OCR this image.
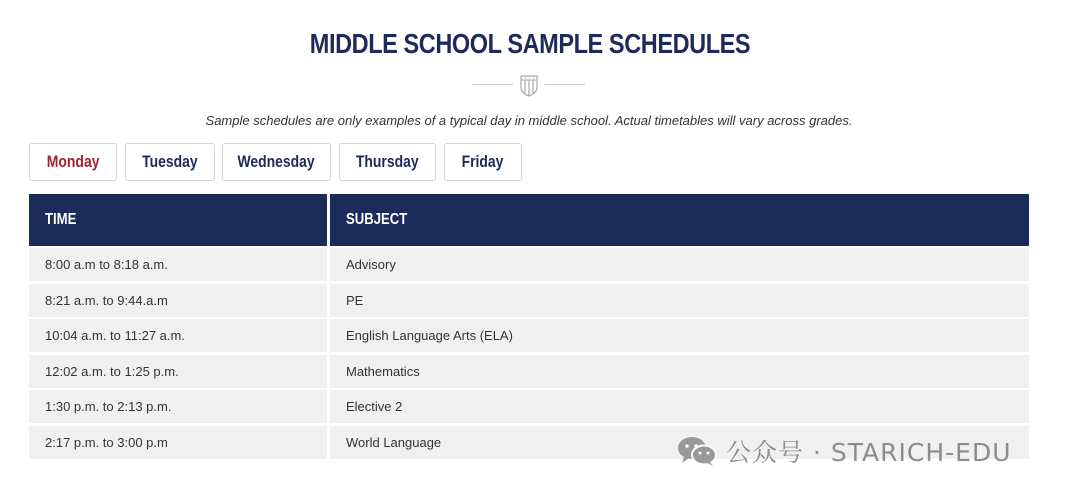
MIDDLE SCHOOL SAMPLE SCHEDULES

Sample schedules are only examples of a typical day in middle school. Actual timetables will vary across grades.

Monday	Tuesday Wednesday Thursday	Friday
TIME	SUBJECT
8:00 a.m to 8:18 a.m.	Advisory
8:21 a.m. to 9:44.a.m	PE
10:04 a.m. to 11:27 a.m.	English Language Arts (ELA)
12:02 a.m. to 1:25 p.m.	Mathematics
1:30 p.m. to 2:13 p.m.	Elective 2
2:17 p.m. to 3:00 p.m	World Language	公众号 · STARICH-EDU
